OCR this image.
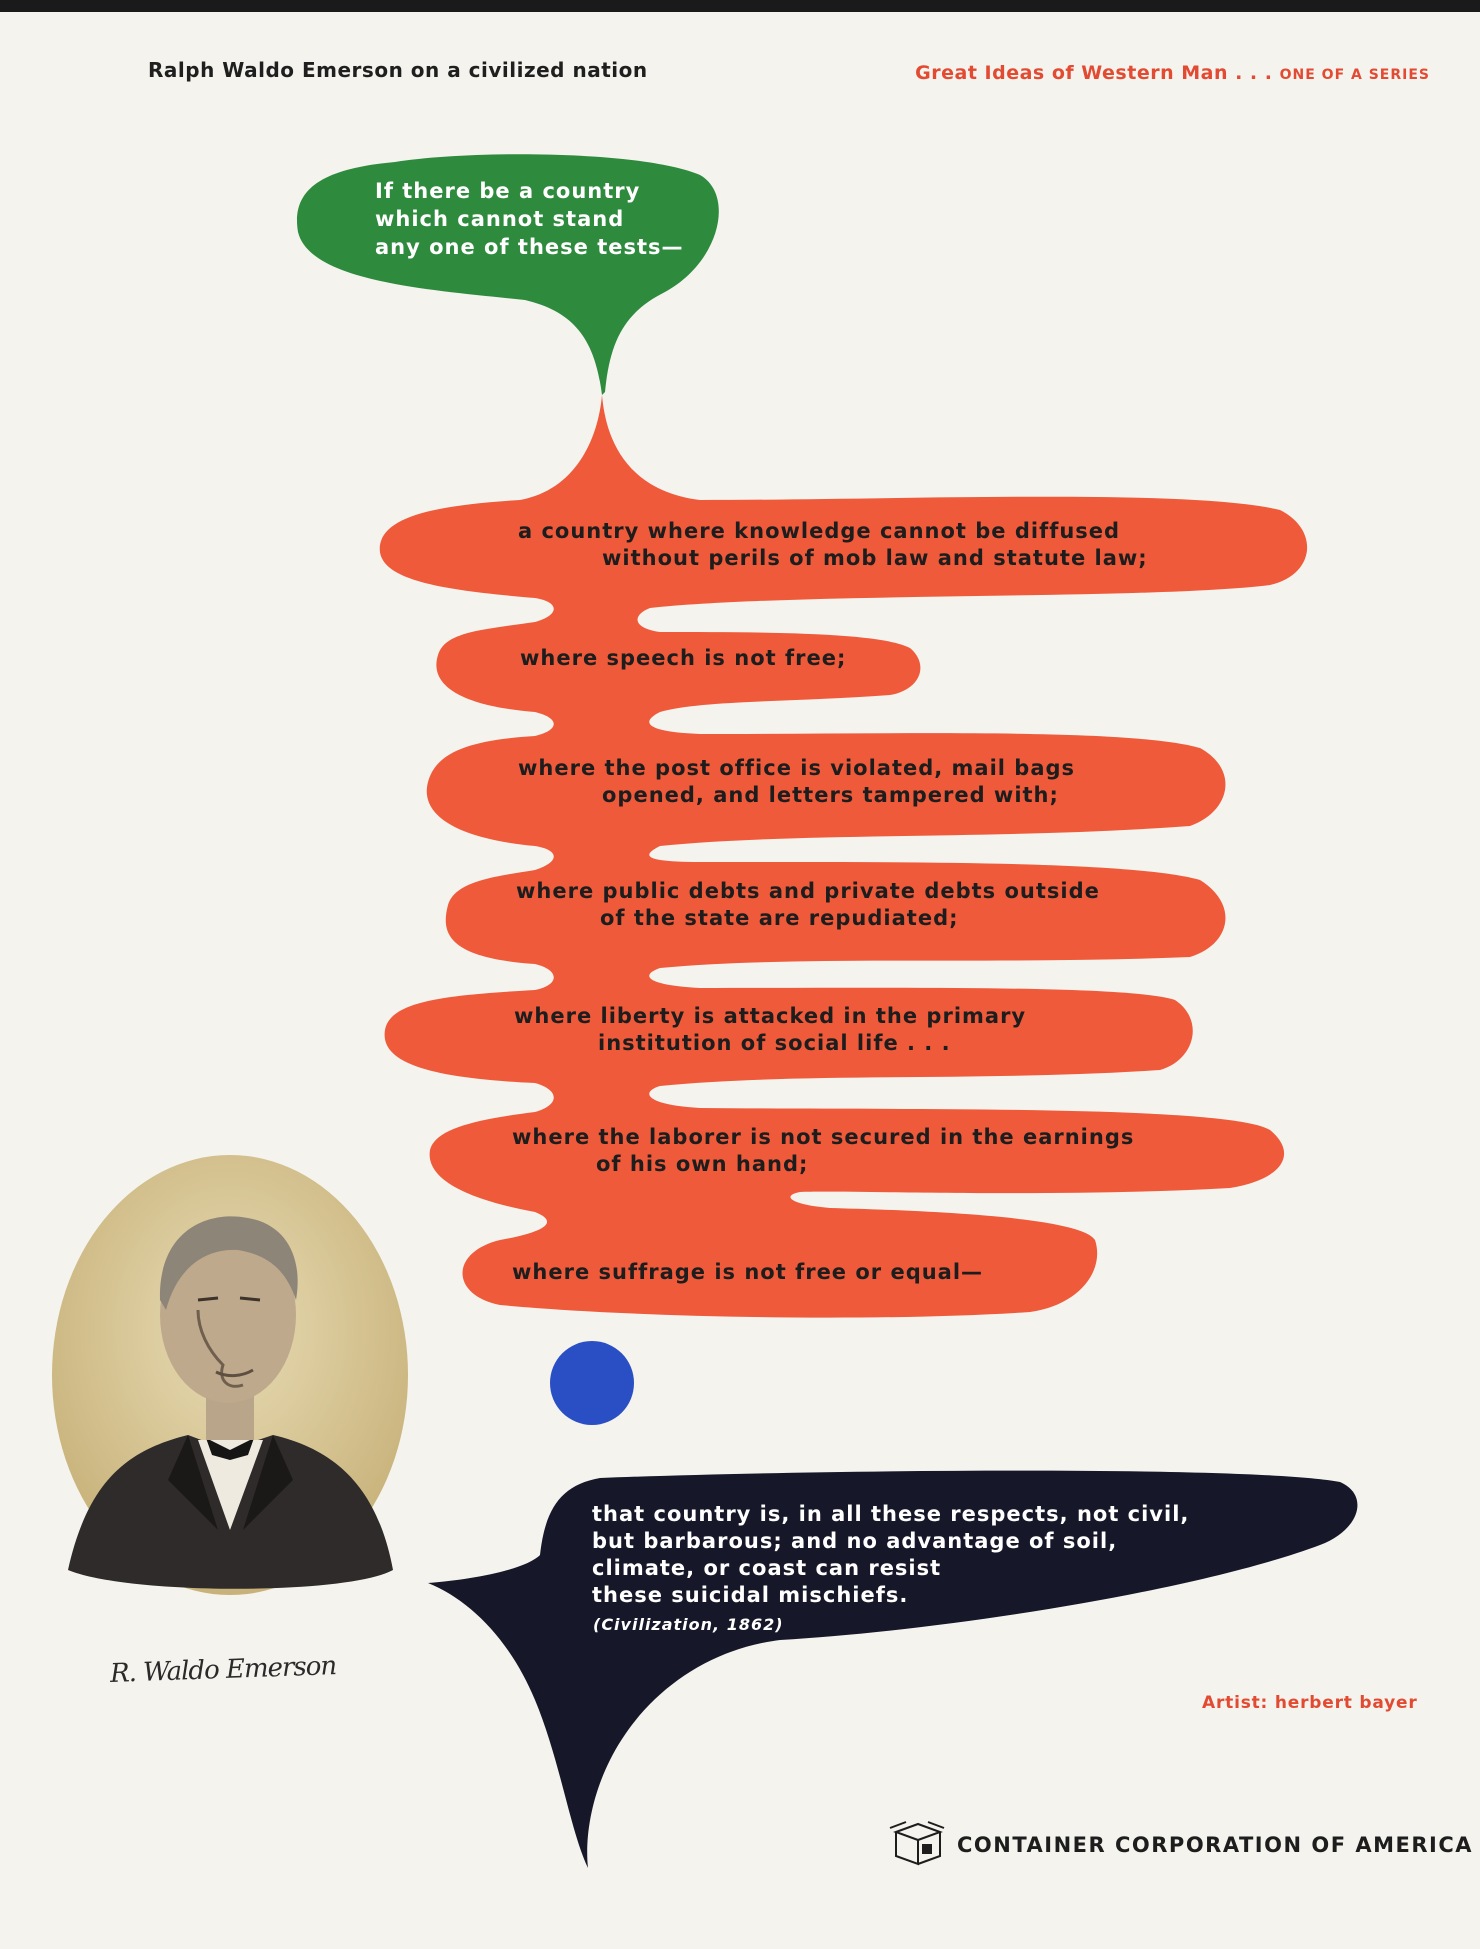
Ralph Waldo Emerson on a civilized nation	Great Ideas of Western Man . . . ONE OF A SERIES
R. Waldo Emerson
If there be a country
which cannot stand
any one of these tests—
a country where knowledge cannot be diffused
without perils of mob law and statute law;
where speech is not free;
where the post office is violated, mail bags
opened, and letters tampered with;
where public debts and private debts outside
of the state are repudiated;
where liberty is attacked in the primary
institution of social life . . .
where the laborer is not secured in the earnings
of his own hand;
where suffrage is not free or equal—
that country is, in all these respects, not civil,
but barbarous; and no advantage of soil,
climate, or coast can resist
these suicidal mischiefs.
(Civilization, 1862)
Artist: herbert bayer
CONTAINER CORPORATION OF AMERICA
